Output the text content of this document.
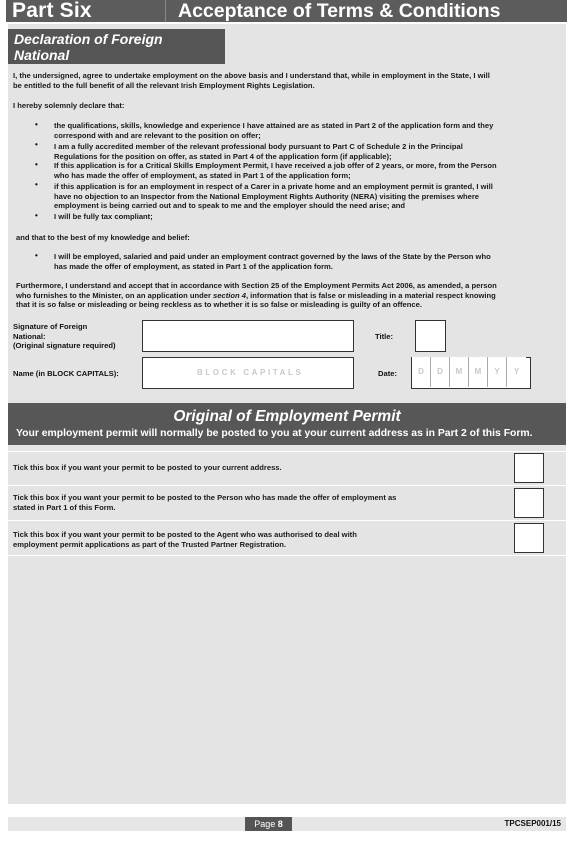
Part Six	Acceptance of Terms & Conditions
Declaration of Foreign
National
I, the undersigned, agree to undertake employment on the above basis and I understand that, while in employment in the State, I will
be entitled to the full benefit of all the relevant Irish Employment Rights Legislation.
I hereby solemnly declare that:
• the qualifications, skills, knowledge and experience I have attained are as stated in Part 2 of the application form and they
correspond with and are relevant to the position on offer;
• I am a fully accredited member of the relevant professional body pursuant to Part C of Schedule 2 in the Principal
Regulations for the position on offer, as stated in Part 4 of the application form (if applicable);
• If this application is for a Critical Skills Employment Permit, I have received a job offer of 2 years, or more, from the Person
who has made the offer of employment, as stated in Part 1 of the application form;
• if this application is for an employment in respect of a Carer in a private home and an employment permit is granted, I will
have no objection to an Inspector from the National Employment Rights Authority (NERA) visiting the premises where
employment is being carried out and to speak to me and the employer should the need arise; and
• I will be fully tax compliant;
and that to the best of my knowledge and belief:
• I will be employed, salaried and paid under an employment contract governed by the laws of the State by the Person who
has made the offer of employment, as stated in Part 1 of the application form.
Furthermore, I understand and accept that in accordance with Section 25 of the Employment Permits Act 2006, as amended, a person
who furnishes to the Minister, on an application under section 4, information that is false or misleading in a material respect knowing
that it is so false or misleading or being reckless as to whether it is so false or misleading is guilty of an offence.
Signature of Foreign
National:
(Original signature required)
Title:
Name (in BLOCK CAPITALS):	BLOCK CAPITALS	Date:	D	D	M	M	Y	Y
Original of Employment Permit
Your employment permit will normally be posted to you at your current address as in Part 2 of this Form.
Tick this box if you want your permit to be posted to your current address.
Tick this box if you want your permit to be posted to the Person who has made the offer of employment as
stated in Part 1 of this Form.
Tick this box if you want your permit to be posted to the Agent who was authorised to deal with
employment permit applications as part of the Trusted Partner Registration.
Page 8	TPCSEP001/15
